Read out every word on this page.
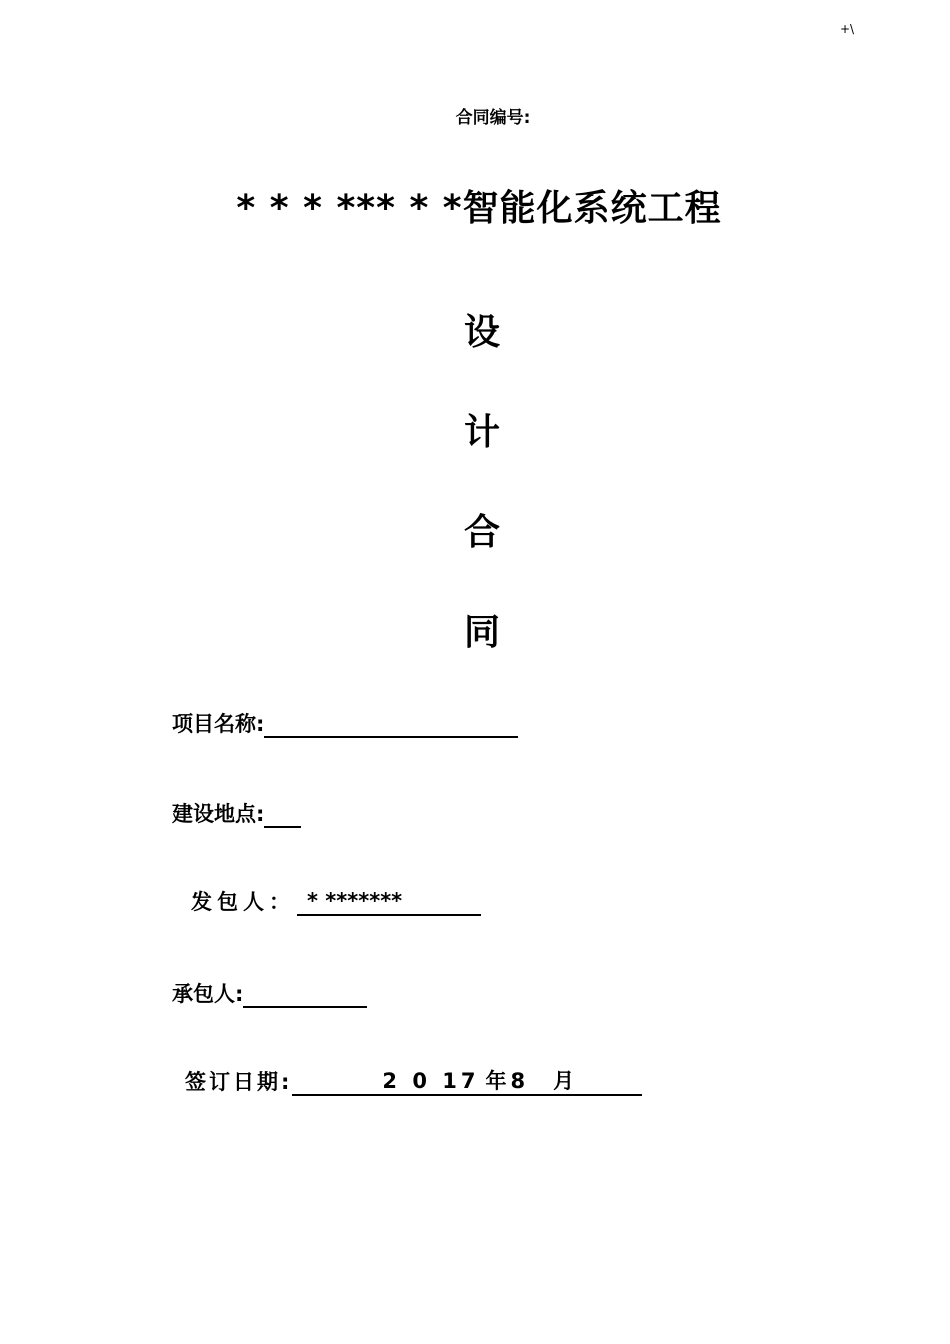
+\
合同编号:
* * * *** * *智能化系统工程
设
计
合
同
项目名称:
建设地点:
发包人： * *******
承包人:
签订日期:	2 0 17 年 8 月
